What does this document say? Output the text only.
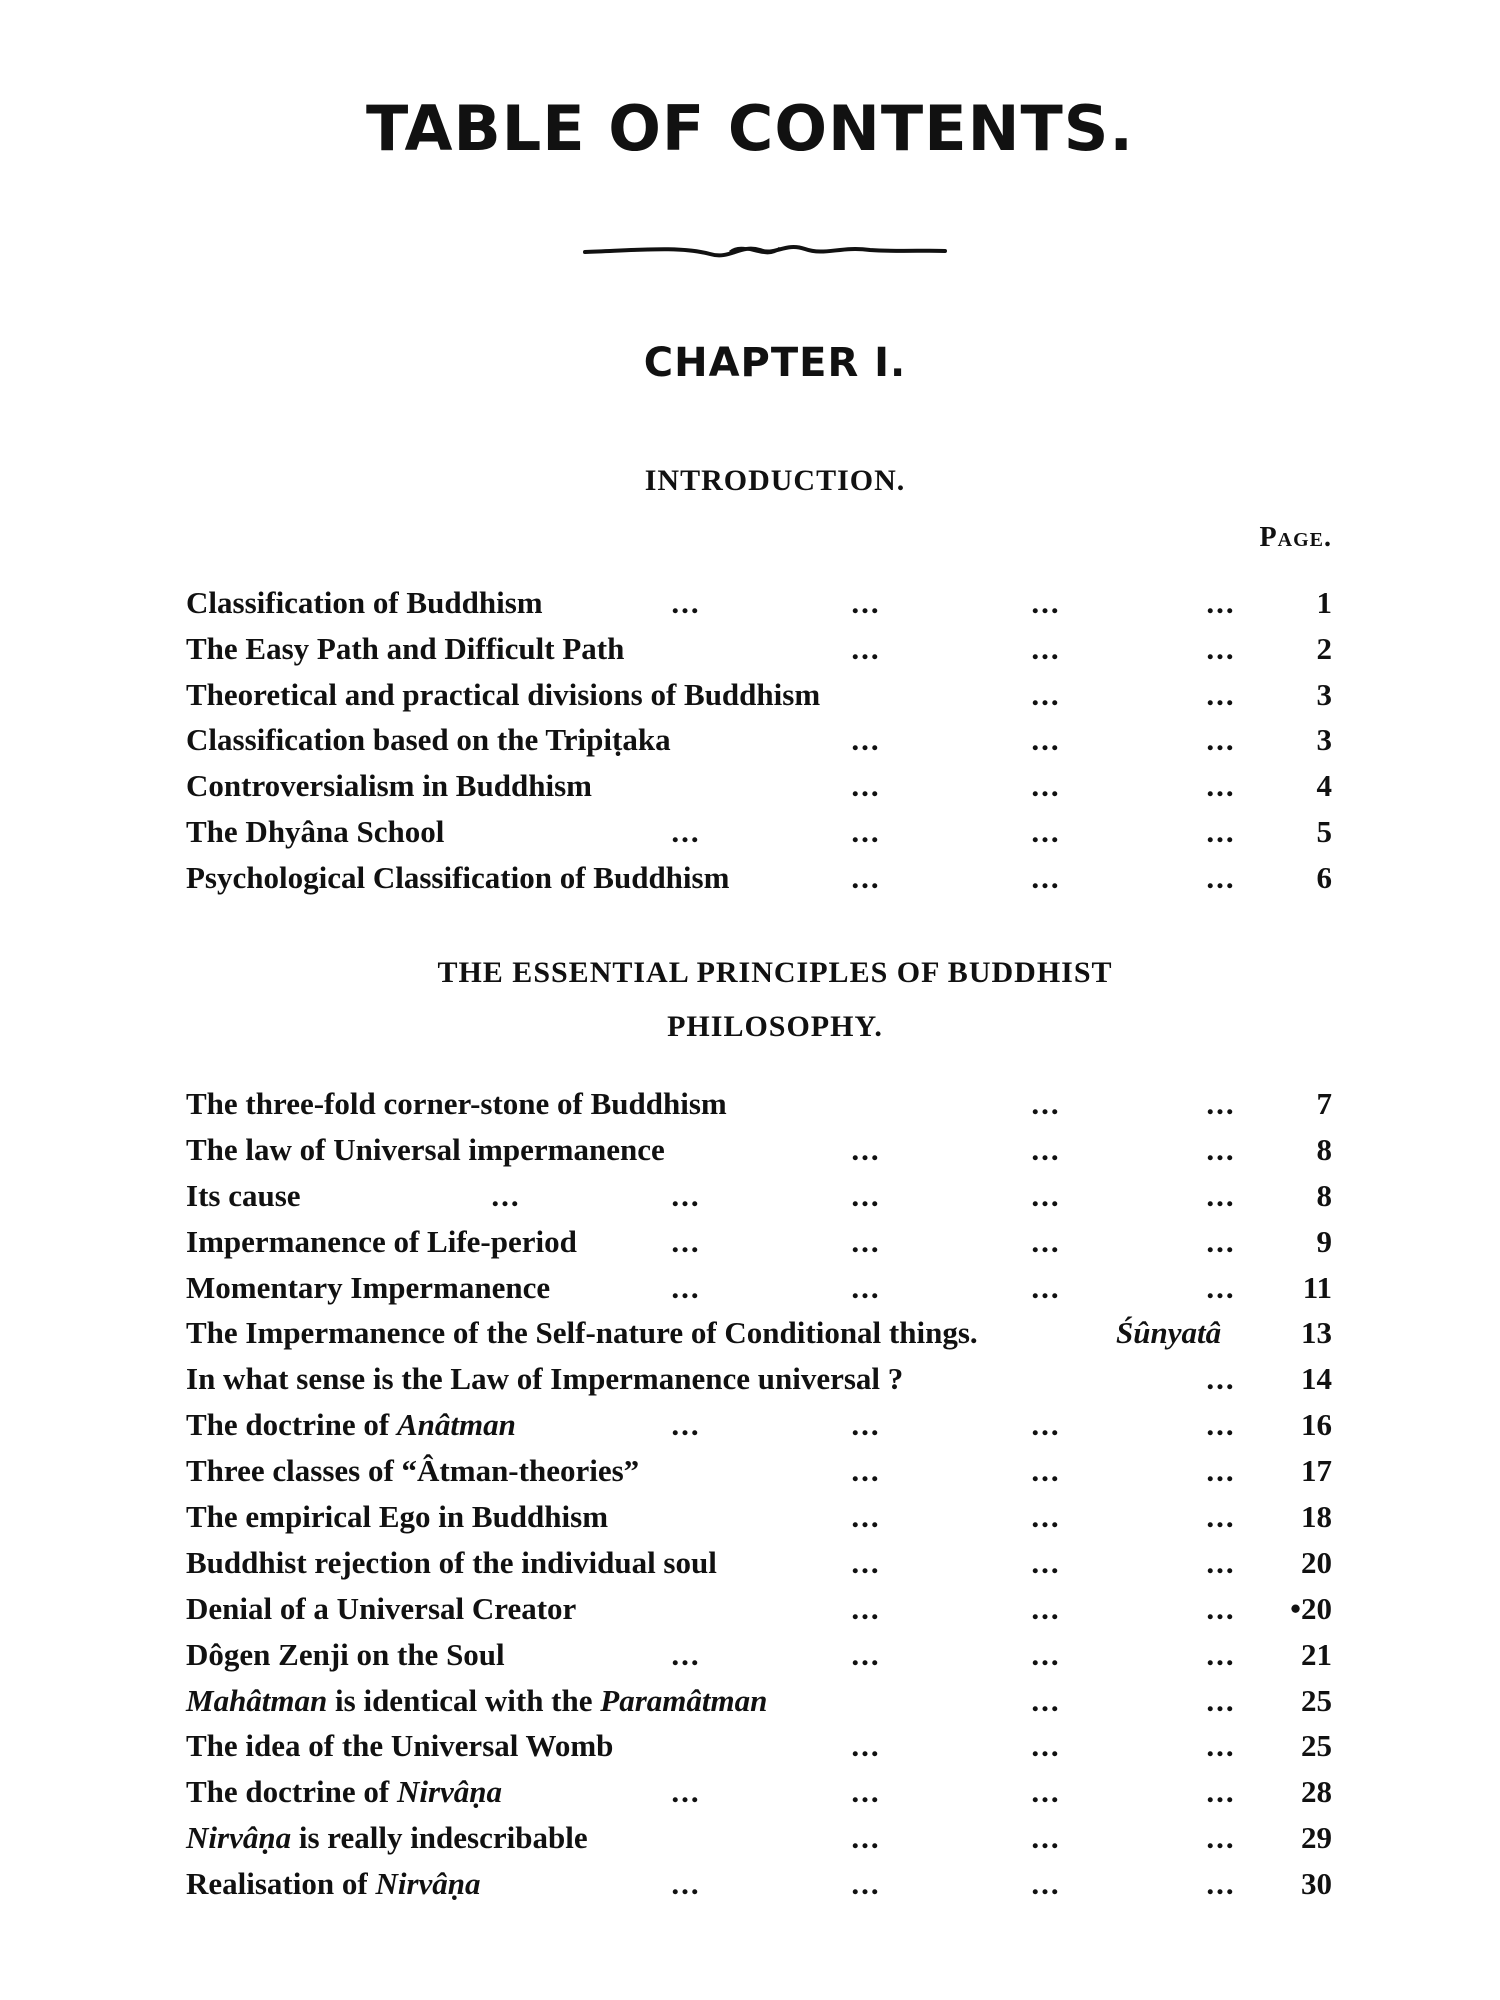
TABLE OF CONTENTS.
CHAPTER I.
INTRODUCTION.
Page.
Classification of Buddhism	...	...	...	...	1
The Easy Path and Difficult Path	...	...	...	2
Theoretical and practical divisions of Buddhism	...	...	3
Classification based on the Tripiṭaka	...	...	...	3
Controversialism in Buddhism	...	...	...	4
The Dhyâna School	...	...	...	...	5
Psychological Classification of Buddhism	...	...	...	6
THE ESSENTIAL PRINCIPLES OF BUDDHIST
PHILOSOPHY.
The three-fold corner-stone of Buddhism	...	...	7
The law of Universal impermanence	...	...	...	8
Its cause	...	...	...	...	...	8
Impermanence of Life-period	...	...	...	...	9
Momentary Impermanence	...	...	...	...	11
The Impermanence of the Self-nature of Conditional things.	Śûnyatâ	13
In what sense is the Law of Impermanence universal ?	...	14
The doctrine of Anâtman	...	...	...	...	16
Three classes of “Âtman-theories”	...	...	...	17
The empirical Ego in Buddhism	...	...	...	18
Buddhist rejection of the individual soul	...	...	...	20
Denial of a Universal Creator	...	...	...	•20
Dôgen Zenji on the Soul	...	...	...	...	21
Mahâtman is identical with the Paramâtman	...	...	25
The idea of the Universal Womb	...	...	...	25
The doctrine of Nirvâṇa	...	...	...	...	28
Nirvâṇa is really indescribable	...	...	...	29
Realisation of Nirvâṇa	...	...	...	...	30
